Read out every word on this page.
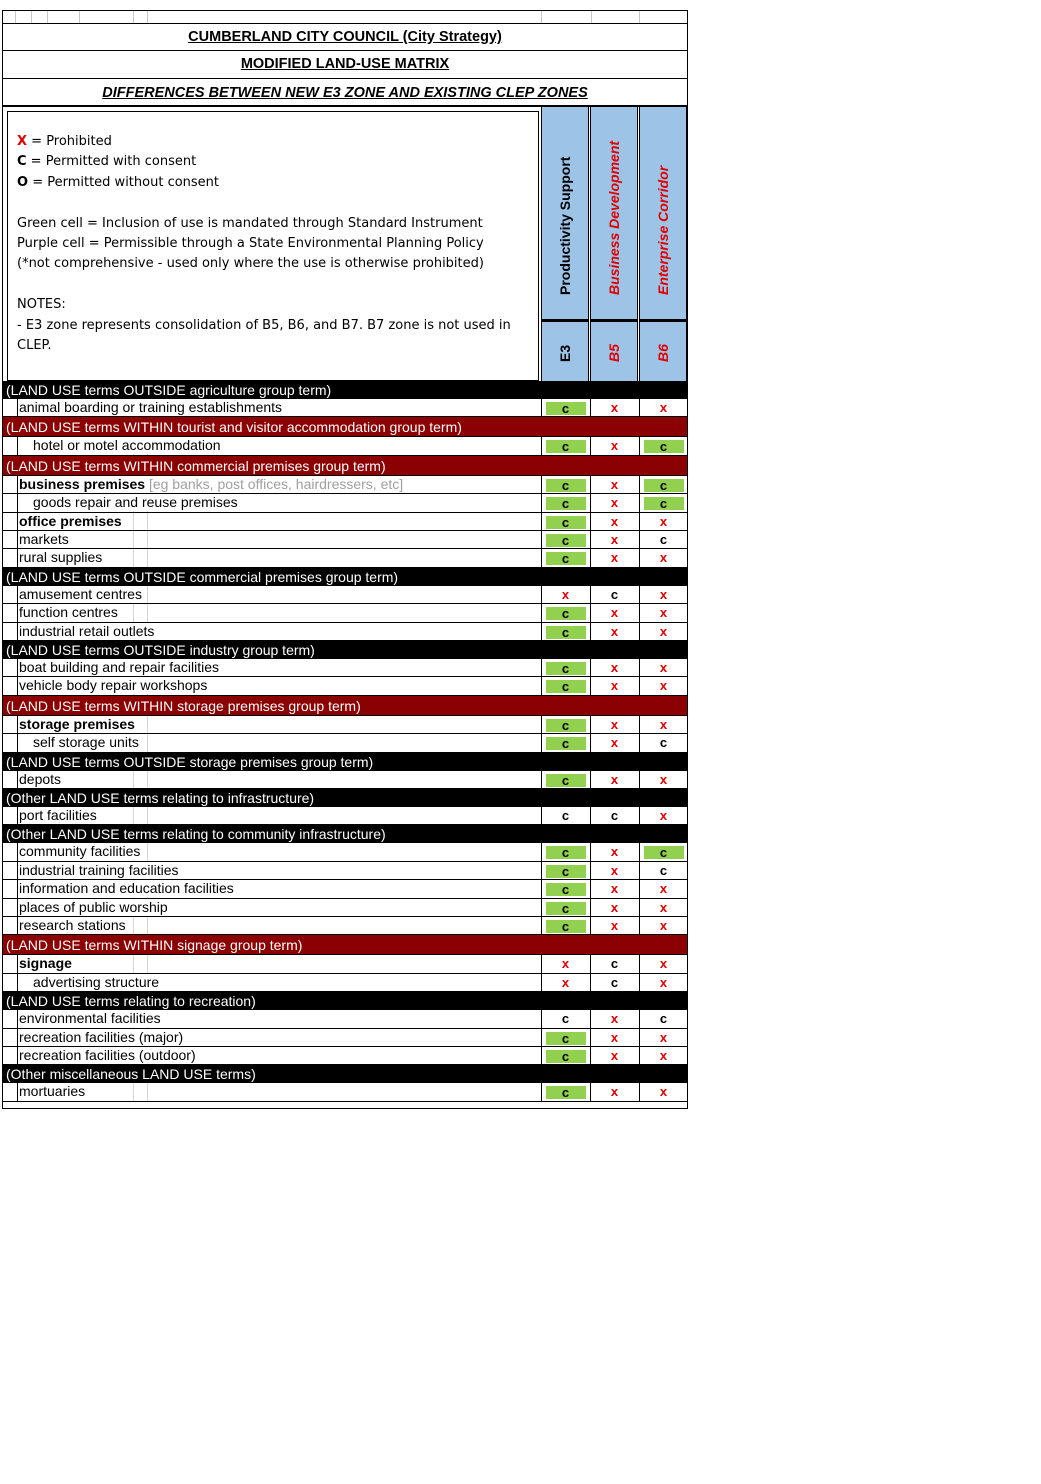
CUMBERLAND CITY COUNCIL (City Strategy)
MODIFIED LAND-USE MATRIX
DIFFERENCES BETWEEN NEW E3 ZONE AND EXISTING CLEP ZONES
X = Prohibited
C = Permitted with consent
O = Permitted without consent
Green cell = Inclusion of use is mandated through Standard Instrument
Purple cell = Permissible through a State Environmental Planning Policy
(*not comprehensive - used only where the use is otherwise prohibited)
NOTES:
- E3 zone represents consolidation of B5, B6, and B7. B7 zone is not used in
CLEP.
Productivity Support
E3
Business Development
B5
Enterprise Corridor
B6
(LAND USE terms OUTSIDE agriculture group term)
animal boarding or training establishments	c	x	x
(LAND USE terms WITHIN tourist and visitor accommodation group term)
hotel or motel accommodation	c	x	c
(LAND USE terms WITHIN commercial premises group term)
business premises [eg banks, post offices, hairdressers, etc]	c	x	c
goods repair and reuse premises	c	x	c
office premises	c	x	x
markets	c	x	c
rural supplies	c	x	x
(LAND USE terms OUTSIDE commercial premises group term)
amusement centres	x	c	x
function centres	c	x	x
industrial retail outlets	c	x	x
(LAND USE terms OUTSIDE industry group term)
boat building and repair facilities	c	x	x
vehicle body repair workshops	c	x	x
(LAND USE terms WITHIN storage premises group term)
storage premises	c	x	x
self storage units	c	x	c
(LAND USE terms OUTSIDE storage premises group term)
depots	c	x	x
(Other LAND USE terms relating to infrastructure)
port facilities	c	c	x
(Other LAND USE terms relating to community infrastructure)
community facilities	c	x	c
industrial training facilities	c	x	c
information and education facilities	c	x	x
places of public worship	c	x	x
research stations	c	x	x
(LAND USE terms WITHIN signage group term)
signage	x	c	x
advertising structure	x	c	x
(LAND USE terms relating to recreation)
environmental facilities	c	x	c
recreation facilities (major)	c	x	x
recreation facilities (outdoor)	c	x	x
(Other miscellaneous LAND USE terms)
mortuaries	c	x	x
